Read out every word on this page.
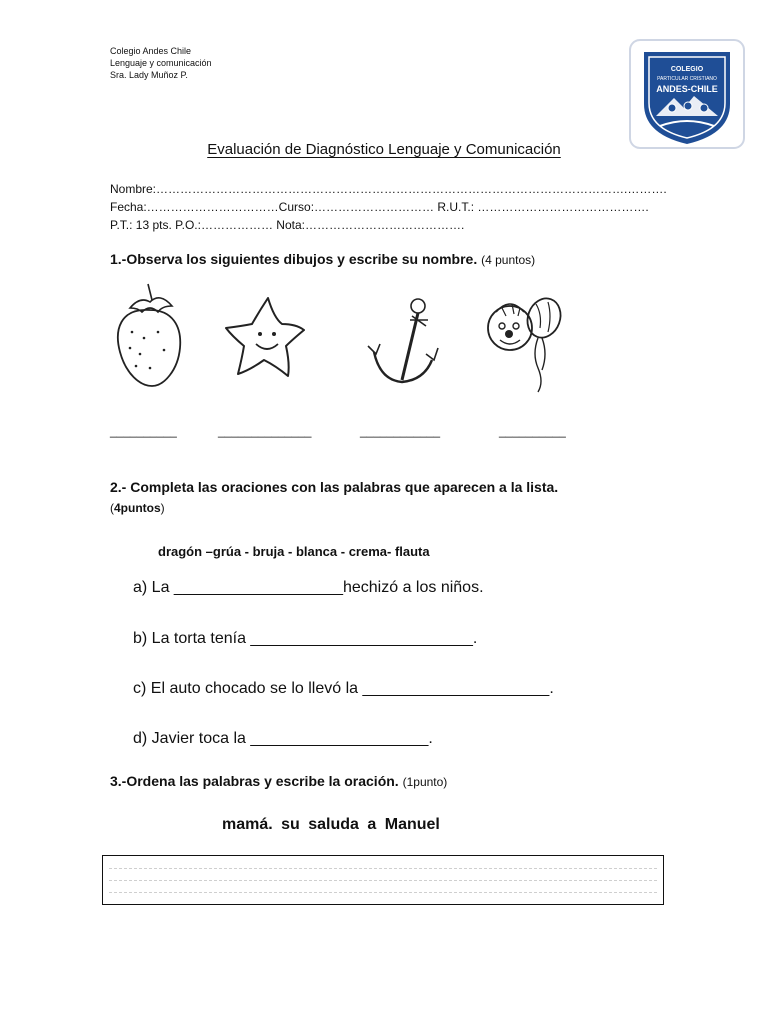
Colegio Andes Chile
Lenguaje y comunicación
Sra. Lady Muñoz P.
COLEGIO
PARTICULAR CRISTIANO
ANDES-CHILE
Evaluación de Diagnóstico Lenguaje y Comunicación
Nombre:……………………………………………………………………………………………………….……….
Fecha:……………………………Curso:………………………… R.U.T.: …………………………………….
P.T.: 13 pts. P.O.:……………… Nota:………………………………….
1.-Observa los siguientes dibujos y escribe su nombre. (4 puntos)
__________	______________	____________	__________
2.- Completa las oraciones con las palabras que aparecen a la lista.
(4puntos)
dragón –grúa - bruja - blanca - crema- flauta
a) La ___________________hechizó a los niños.
b) La torta tenía _________________________.
c) El auto chocado se lo llevó la _____________________.
d) Javier toca la ____________________.
3.-Ordena las palabras y escribe la oración. (1punto)
mamá. su saluda a Manuel
